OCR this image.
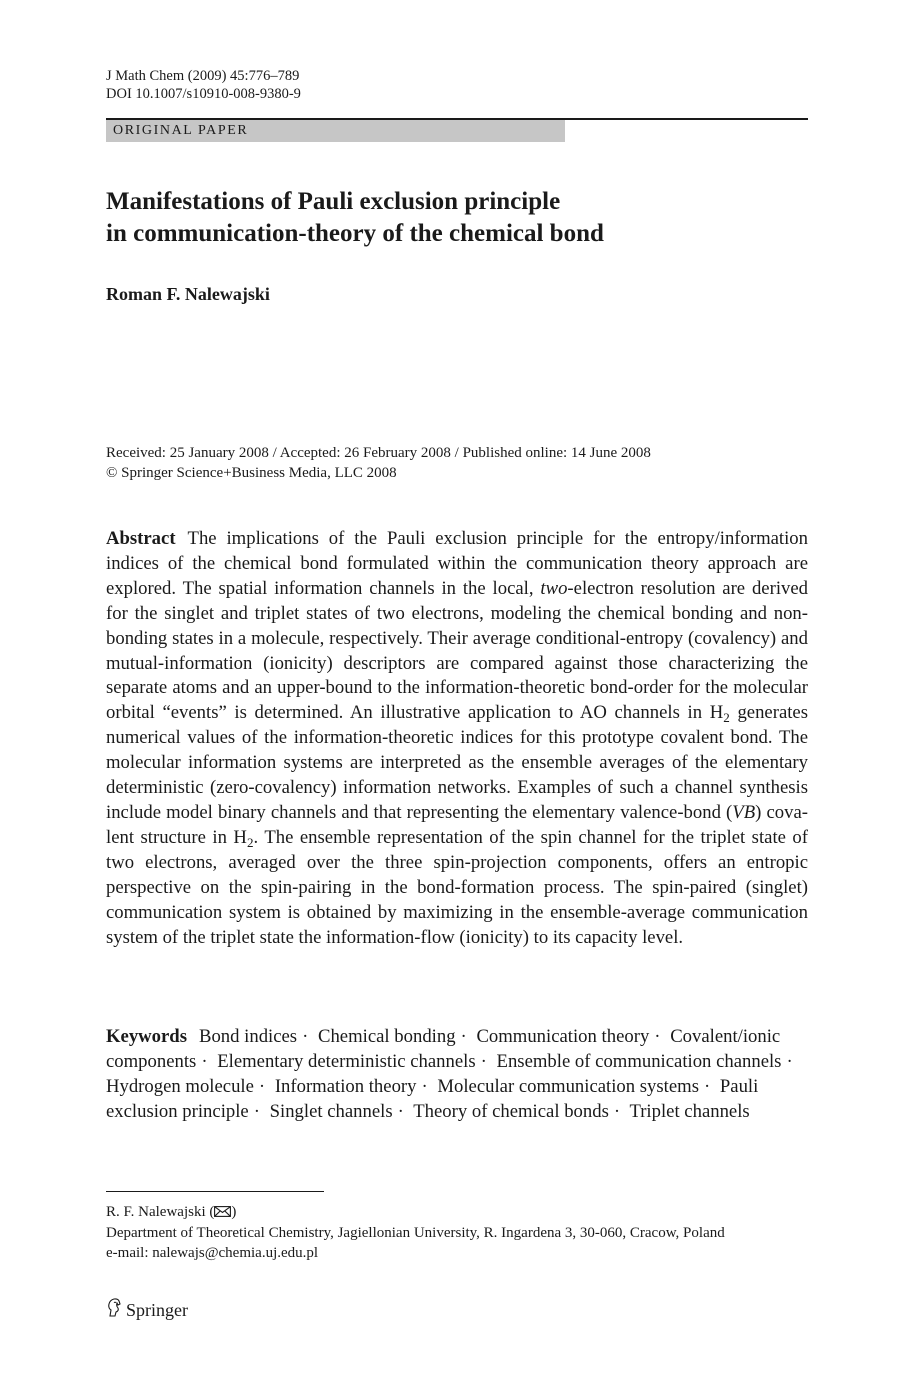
J Math Chem (2009) 45:776–789
DOI 10.1007/s10910-008-9380-9
ORIGINAL PAPER
Manifestations of Pauli exclusion principle
in communication-theory of the chemical bond
Roman F. Nalewajski
Received: 25 January 2008 / Accepted: 26 February 2008 / Published online: 14 June 2008
© Springer Science+Business Media, LLC 2008

Abstract The implications of the Pauli exclusion principle for the entropy/information indices of the chemical bond formulated within the communication theory approach are explored. The spatial information channels in the local, two-electron resolution are derived for the singlet and triplet states of two electrons, modeling the chemical bonding and non-bonding states in a molecule, respectively. Their average conditional-entropy (covalency) and mutual-information (ionicity) descriptors are compared against those characterizing the separate atoms and an upper-bound to the information-theoretic bond-order for the molecular orbital “events” is determined. An illustrative application to AO channels in $H_2$ generates numerical values of the information-theoretic indices for this prototype covalent bond. The molecular information systems are interpreted as the ensemble averages of the elementary deterministic (zero-covalency) information networks. Examples of such a channel synthesis include model binary channels and that representing the elementary valence-bond (VB) covalent structure in $H_2$. The ensemble representation of the spin channel for the triplet state of two electrons, averaged over the three spin-projection components, offers an entropic perspective on the spin-pairing in the bond-formation process. The spin-paired (singlet) communication system is obtained by maximizing in the ensemble-average communication system of the triplet state the information-flow (ionicity) to its capacity level.

Keywords Bond indices · Chemical bonding · Communication theory · Covalent/ionic components · Elementary deterministic channels · Ensemble of communication channels · Hydrogen molecule · Information theory · Molecular communication systems · Pauli exclusion principle · Singlet channels · Theory of chemical bonds · Triplet channels

R. F. Nalewajski ( )
Department of Theoretical Chemistry, Jagiellonian University, R. Ingardena 3, 30-060, Cracow, Poland
e-mail: nalewajs@chemia.uj.edu.pl
Springer
